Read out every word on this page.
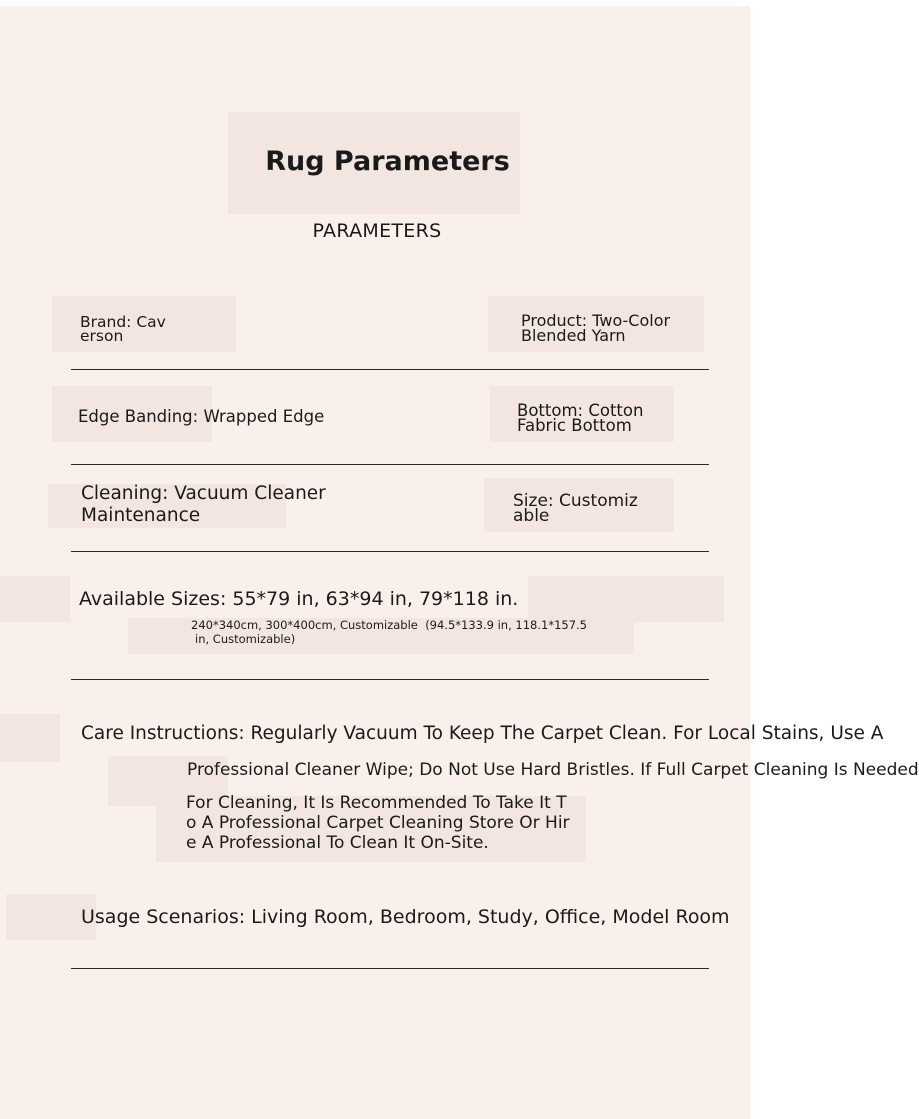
Rug Parameters
PARAMETERS
Brand: Caverson
Product: Two-Color Blended Yarn
Edge Banding: Wrapped Edge	Bottom: Cotton Fabric Bottom
Cleaning: Vacuum Cleaner Maintenance
Size: Customizable
Available Sizes: 55*79 in, 63*94 in, 79*118 in.
240*340cm, 300*400cm, Customizable  (94.5*133.9 in, 118.1*157.5
in, Customizable)
Care Instructions: Regularly Vacuum To Keep The Carpet Clean. For Local Stains, Use A
Professional Cleaner Wipe; Do Not Use Hard Bristles. If Full Carpet Cleaning Is Needed
For Cleaning, It Is Recommended To Take It To A Professional Carpet Cleaning Store Or Hire A Professional To Clean It On-Site.
Usage Scenarios: Living Room, Bedroom, Study, Office, Model Room
